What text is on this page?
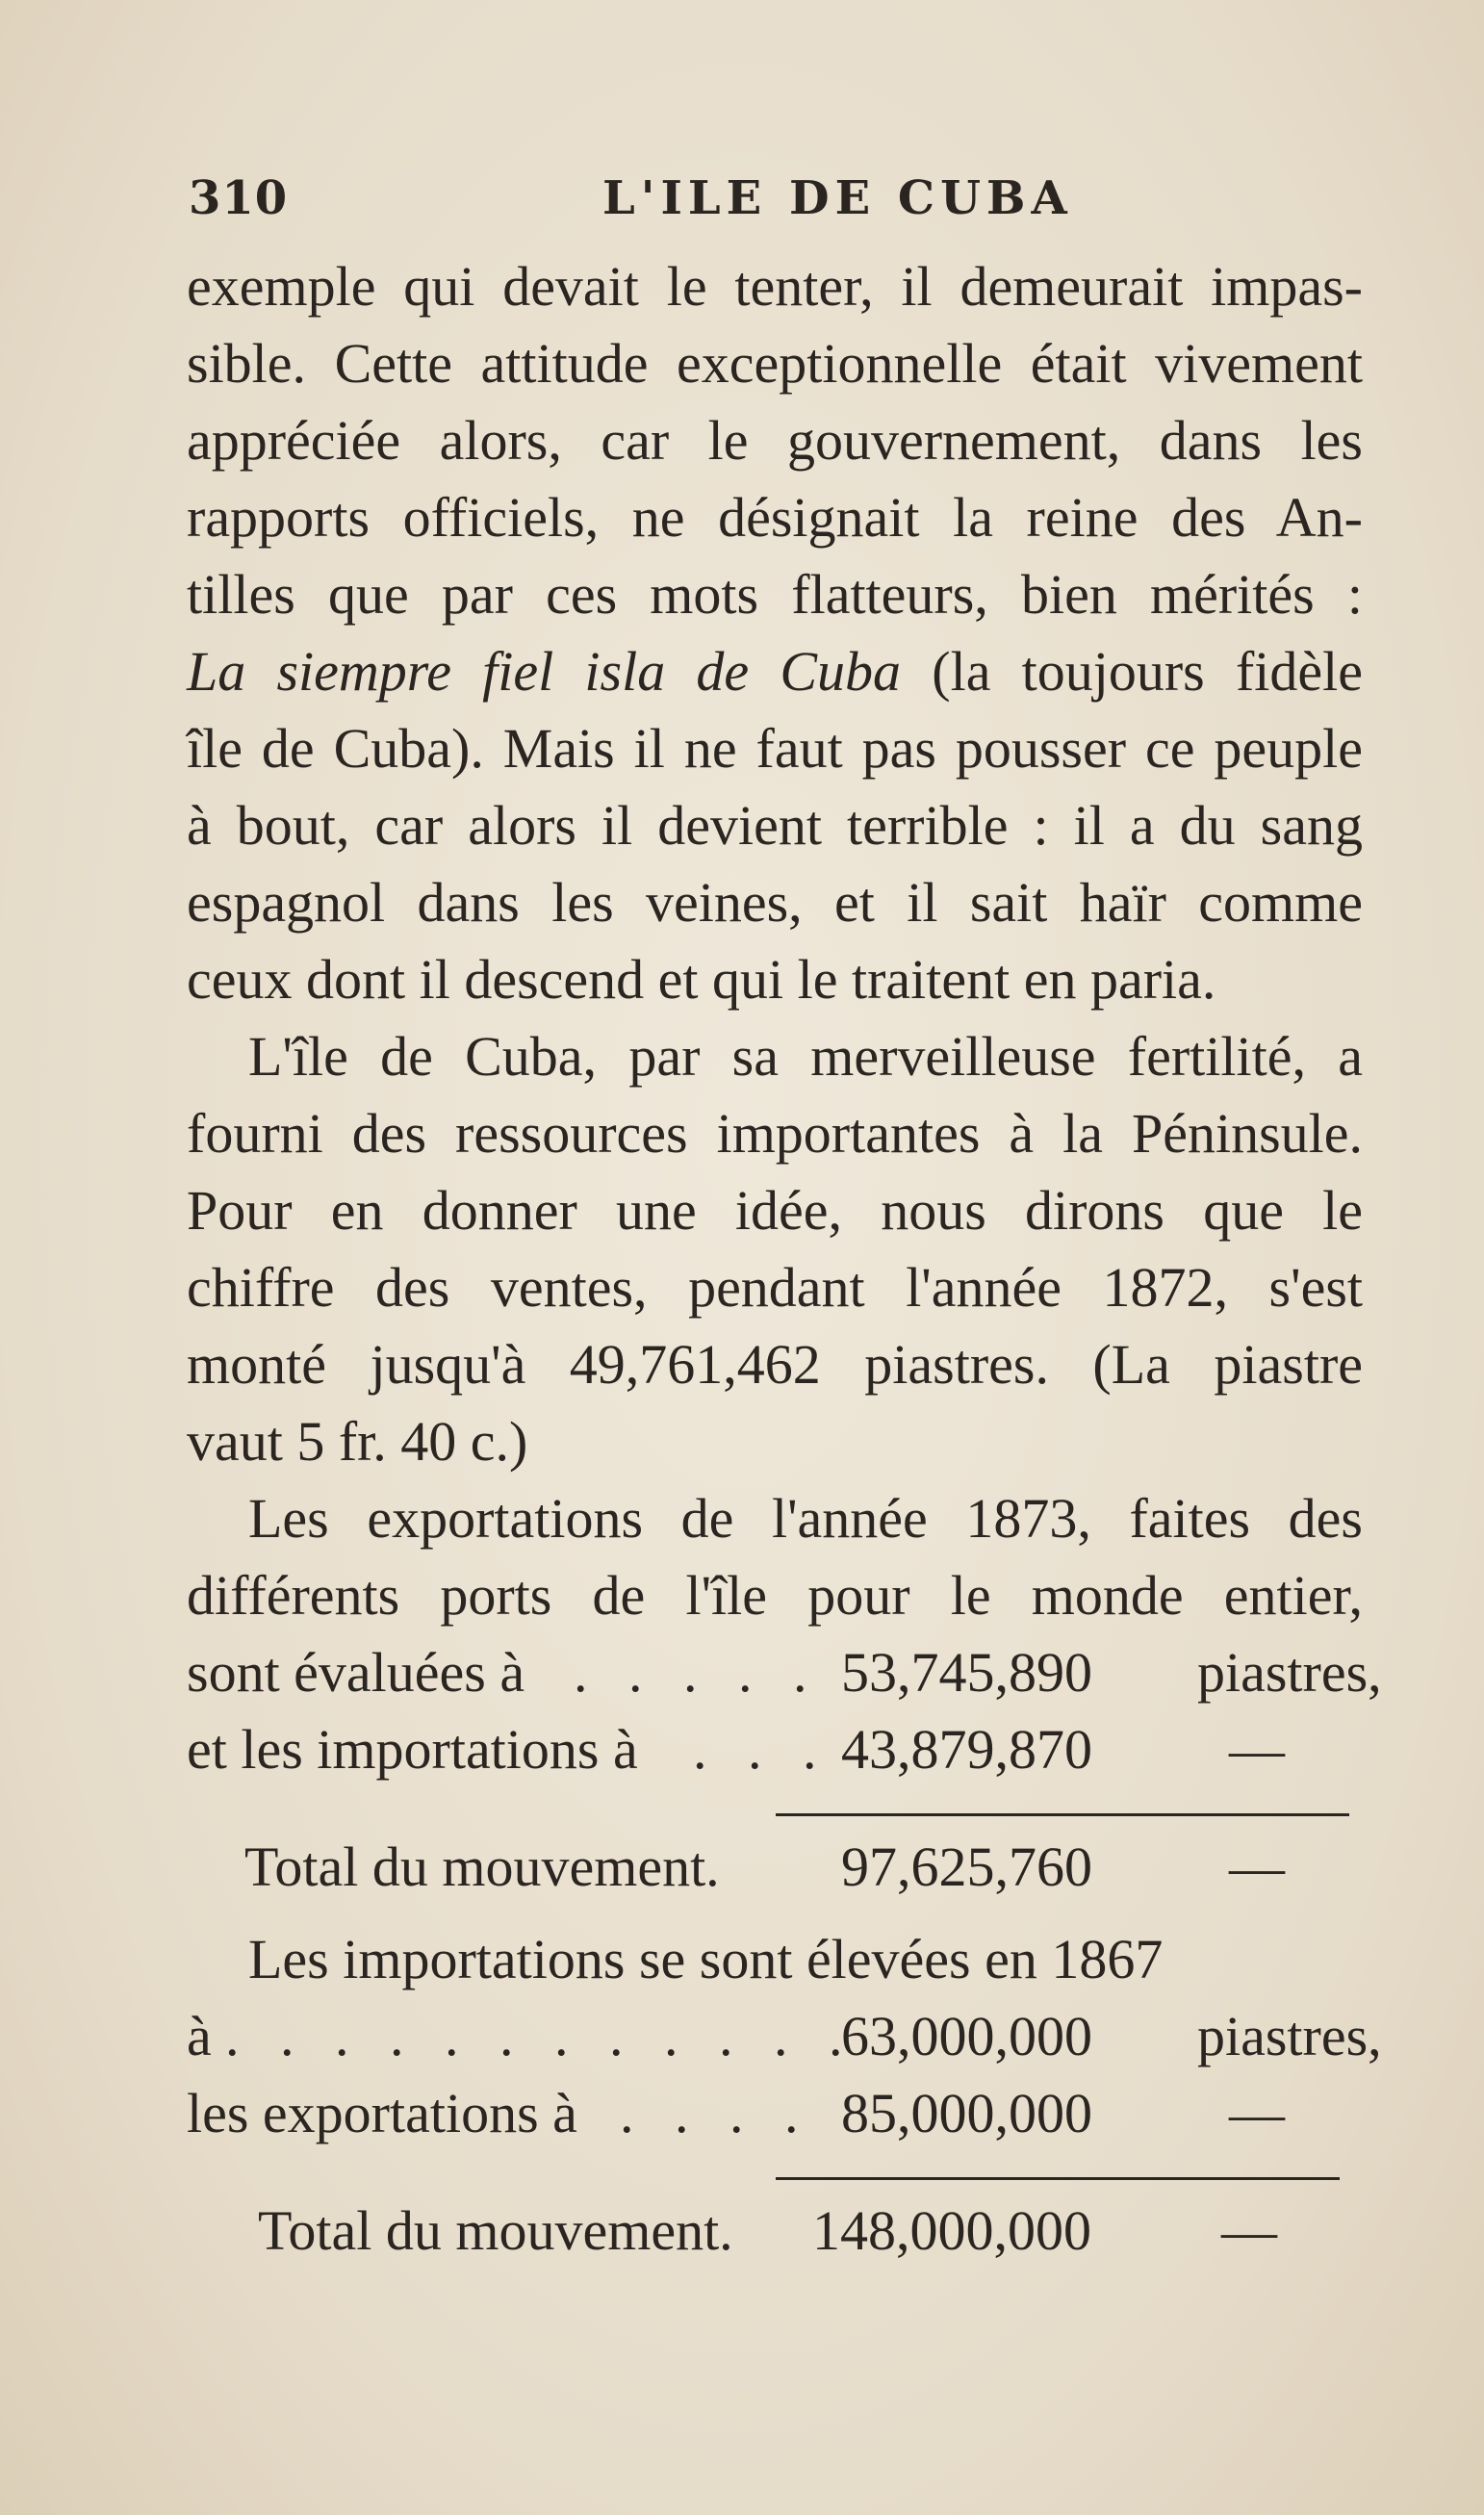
310	L'ILE DE CUBA
exemple qui devait le tenter, il demeurait impas-
sible. Cette attitude exceptionnelle était vivement
appréciée alors, car le gouvernement, dans les
rapports officiels, ne désignait la reine des An-
tilles que par ces mots flatteurs, bien mérités :
La siempre fiel isla de Cuba (la toujours fidèle
île de Cuba). Mais il ne faut pas pousser ce peuple
à bout, car alors il devient terrible : il a du sang
espagnol dans les veines, et il sait haïr comme
ceux dont il descend et qui le traitent en paria.
L'île de Cuba, par sa merveilleuse fertilité, a
fourni des ressources importantes à la Péninsule.
Pour en donner une idée, nous dirons que le
chiffre des ventes, pendant l'année 1872, s'est
monté jusqu'à 49,761,462 piastres. (La piastre
vaut 5 fr. 40 c.)
Les exportations de l'année 1873, faites des
différents ports de l'île pour le monde entier,
sont évaluées à . . . . . 53,745,890 piastres,
et les importations à . . . 43,879,870 —
Total du mouvement. 97,625,760 —
Les importations se sont élevées en 1867
à . . . . . . . . . . . .
63,000,000 piastres,
les exportations à . . . . 85,000,000 —
Total du mouvement. 148,000,000 —
